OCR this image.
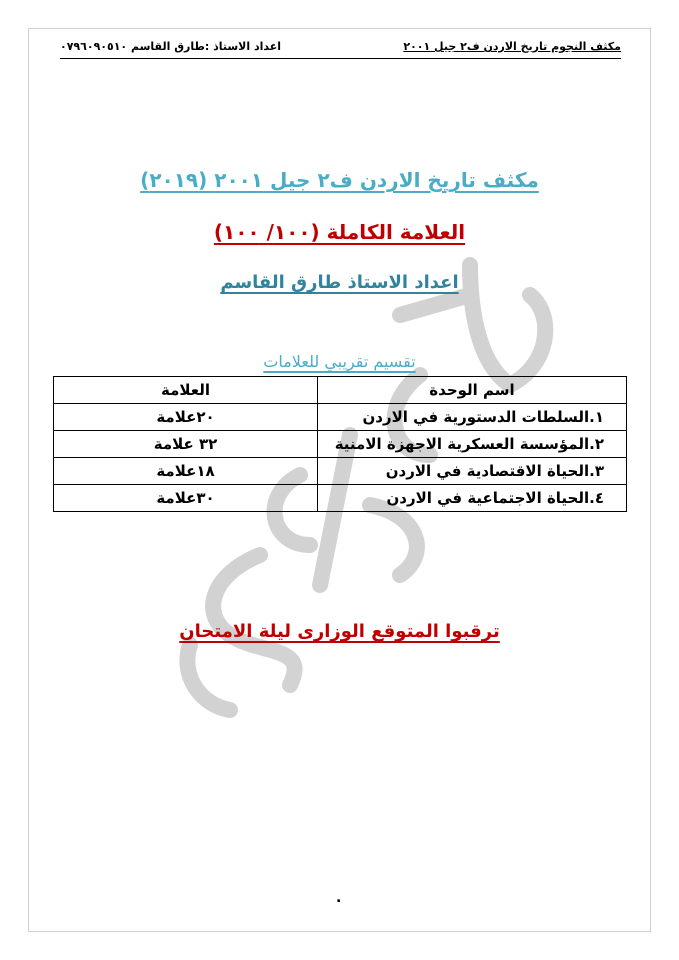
مكثف النجوم تاريخ الاردن ف٢ جيل ٢٠٠١
اعداد الاستاذ :طارق القاسم ٠٧٩٦٠٩٠٥١٠
مكثف تاريخ الاردن ف٢ جيل ٢٠٠١ (٢٠١٩)
العلامة الكاملة (١٠٠/ ١٠٠)
اعداد الاستاذ طارق القاسم
تقسيم تقريبي للعلامات
اسم الوحدة	العلامة
١.السلطات الدستورية في الاردن	٢٠علامة
٢.المؤسسة العسكرية الاجهزة الامنية	٣٢ علامة
٣.الحياة الاقتصادية في الاردن	١٨علامة
٤.الحياة الاجتماعية في الاردن	٣٠علامة
ترقبوا المتوقع الوزارى ليلة الامتحان
.
